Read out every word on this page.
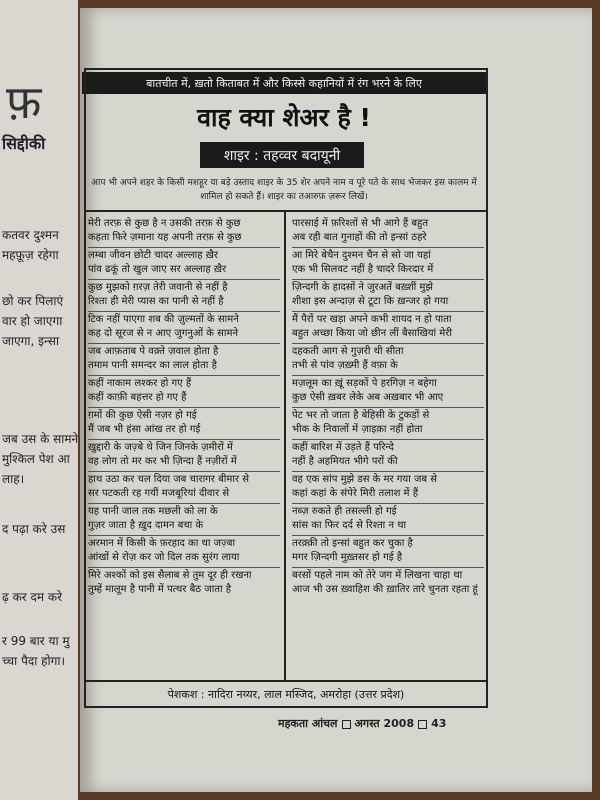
फ़
सिद्दीकी
कतवर दुश्मन
महफ़ूज़ रहेगा
छो कर पिलाएं
वार हो जाएगा
जाएगा, इन्सा
जब उस के सामने
मुश्किल पेश आ
लाह।
द पढ़ा करे उस
ढ़ कर दम करे
र 99 बार या मु
च्चा पैदा होगा।
बातचीत में, ख़तो किताबत में और किस्से कहानियों में रंग भरने के लिए
वाह क्या शेअर है !
शाइर : तहव्वर बदायूनी
आप भी अपने शहर के किसी मशहूर या बड़े उस्ताद शाइर के 35 शेर अपने नाम व पूरे पते के साथ भेजकर इस कालम में शामिल हो सकते हैं। शाइर का तआरुफ़ ज़रूर लिखें।
मेरी तरफ़ से कुछ है न उसकी तरफ़ से कुछ
कहता फिरे ज़माना यह अपनी तरफ़ से कुछ
लम्बा जीवन छोटी चादर अल्लाह ख़ैर
पांव ढकूं तो खुल जाए सर अल्लाह ख़ैर
कुछ मुझको ग़रज़ तेरी जवानी से नहीं है
रिश्ता ही मेरी प्यास का पानी से नहीं है
टिक नहीं पाएगा शब की ज़ुल्मतों के सामने
कह दो सूरज से न आए जुगनुओं के सामने
जब आफ़ताब पे वक़्ते ज़वाल होता है
तमाम पानी समन्दर का लाल होता है
कहीं नाकाम लश्कर हो गए हैं
कहीं काफ़ी बहत्तर हो गए हैं
ग़मों की कुछ ऐसी नज़र हो गई
मैं जब भी हंसा आंख तर हो गई
ख़ुद्दारी के जज़्बे थे जिन जिनके ज़मीरों में
वह लोग तो मर कर भी ज़िन्दा हैं नज़ीरों में
हाथ उठा कर चल दिया जब चारागर बीमार से
सर पटकती रह गयीं मजबूरियां दीवार से
यह पानी जाल तक मछली को ला के
गुज़र जाता है ख़ुद दामन बचा के
अरमान में किसी के फ़रहाद का था जज़्बा
आंखों से रोज़ कर जो दिल तक सुरंग लाया
मिरे अश्कों को इस सैलाब से तुम दूर ही रखना
तुम्हें मालूम है पानी में पत्थर बैठ जाता है
पारसाई में फ़रिश्तों से भी आगे हैं बहुत
अब रही बात गुनाहों की तो इन्सां ठहरे
आ मिरे बेचैन दुश्मन चैन से सो जा यहां
एक भी सिलवट नहीं है चादरे किरदार में
ज़िन्दगी के हादसों ने जुरअतें बख़्शीं मुझे
शीशा इस अन्दाज़ से टूटा कि ख़न्जर हो गया
मैं पैरों पर खड़ा अपने कभी शायद न हो पाता
बहुत अच्छा किया जो छीन लीं बैसाखियां मेरी
दहकती आग से गुज़री थी सीता
तभी से पांव ज़ख़्मी हैं वफ़ा के
मज़लूम का ख़ूं सड़कों पे हरगिज़ न बहेगा
कुछ ऐसी ख़बर लेके अब अख़बार भी आए
पेट भर तो जाता है बेहिसी के टुकड़ों से
भीक के निवालों में ज़ाइक़ा नहीं होता
कहीं बारिश में उड़ते हैं परिन्दे
नहीं है अहमियत भीगे परों की
वह एक सांप मुझे डस के मर गया जब से
कहां कहां के संपेरे मिरी तलाश में हैं
नब्ज़ रुकते ही तसल्ली हो गई
सांस का फिर दर्द से रिश्ता न था
तरक़्क़ी तो इन्सां बहुत कर चुका है
मगर ज़िन्दगी मुख़्तसर हो गई है
बरसों पहले नाम को तेरे जग में लिखना चाहा था
आज भी उस ख़्वाहिश की ख़ातिर तारे चुनता रहता हूं
पेशकश : नादिरा नय्यर, लाल मस्जिद, अमरोहा (उत्तर प्रदेश)
महकता आंचल अगस्त 2008 43
